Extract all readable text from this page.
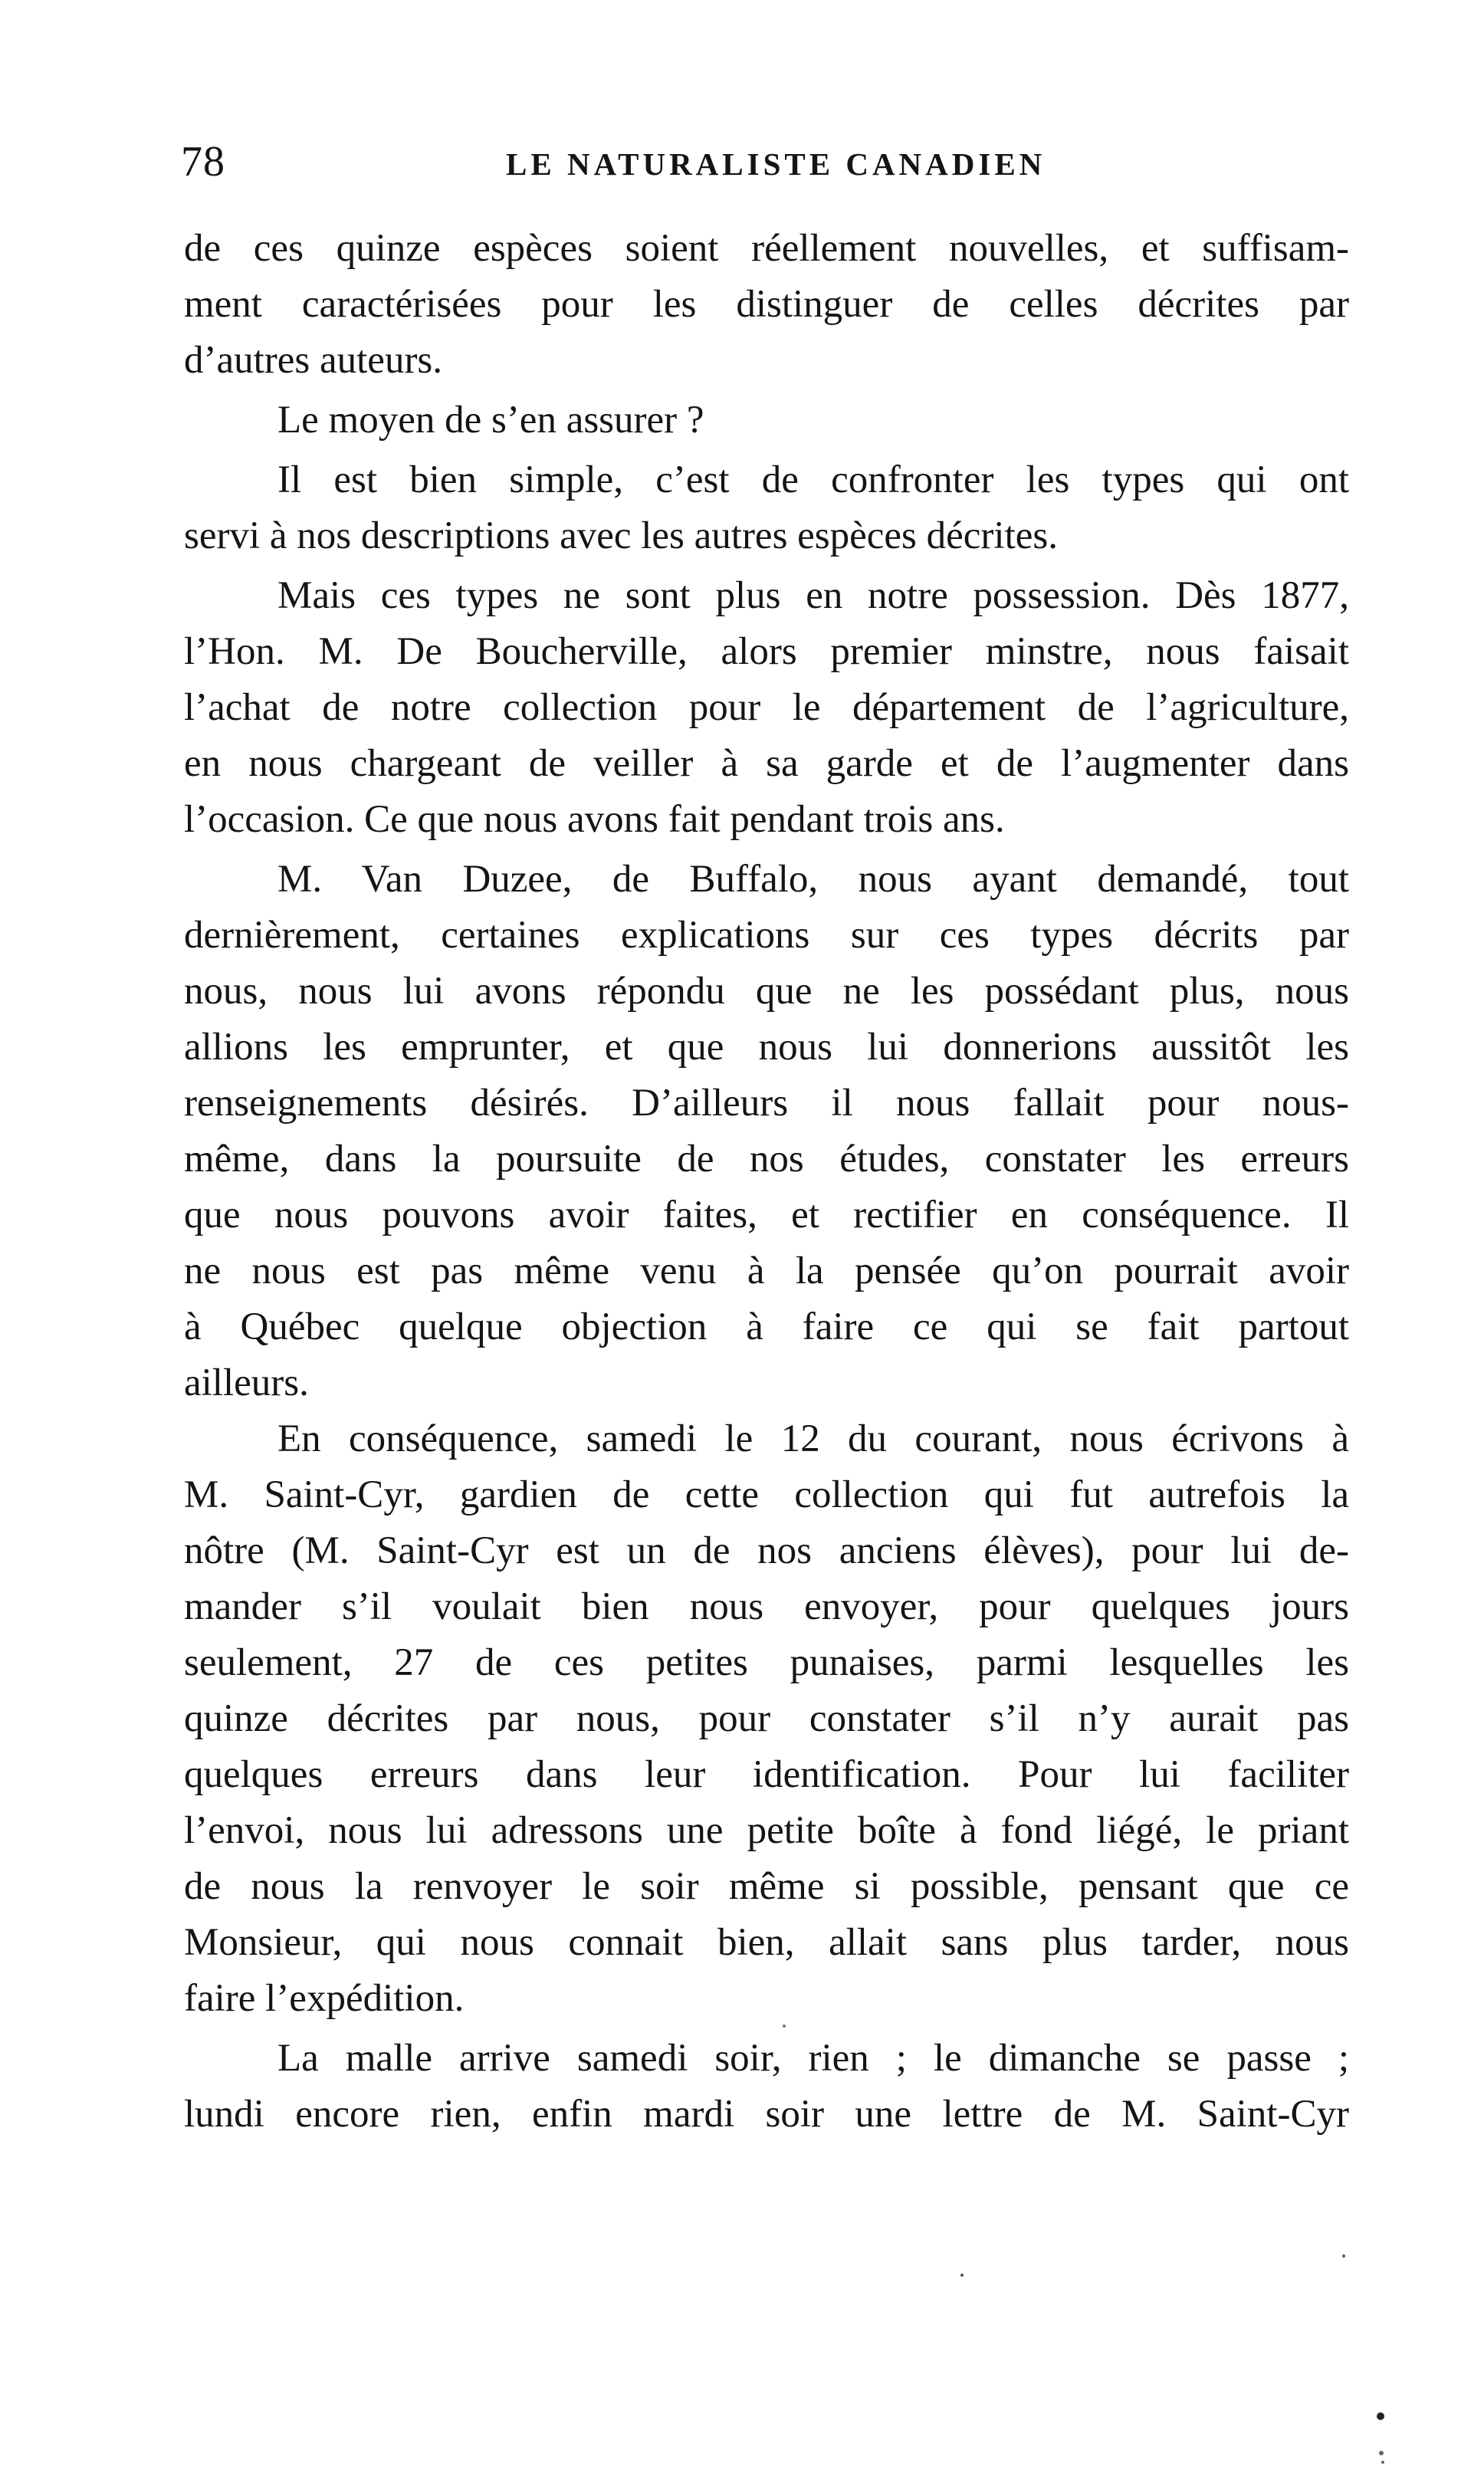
78	LE NATURALISTE CANADIEN
de ces quinze espèces soient réellement nouvelles, et suffisam-
ment caractérisées pour les distinguer de celles décrites par
d’autres auteurs.
Le moyen de s’en assurer ?
Il est bien simple, c’est de confronter les types qui ont
servi à nos descriptions avec les autres espèces décrites.
Mais ces types ne sont plus en notre possession. Dès 1877,
l’Hon. M. De Boucherville, alors premier minstre, nous faisait
l’achat de notre collection pour le département de l’agriculture,
en nous chargeant de veiller à sa garde et de l’augmenter dans
l’occasion. Ce que nous avons fait pendant trois ans.
M. Van Duzee, de Buffalo, nous ayant demandé, tout
dernièrement, certaines explications sur ces types décrits par
nous, nous lui avons répondu que ne les possédant plus, nous
allions les emprunter, et que nous lui donnerions aussitôt les
renseignements désirés. D’ailleurs il nous fallait pour nous-
même, dans la poursuite de nos études, constater les erreurs
que nous pouvons avoir faites, et rectifier en conséquence. Il
ne nous est pas même venu à la pensée qu’on pourrait avoir
à Québec quelque objection à faire ce qui se fait partout
ailleurs.
En conséquence, samedi le 12 du courant, nous écrivons à
M. Saint-Cyr, gardien de cette collection qui fut autrefois la
nôtre (M. Saint-Cyr est un de nos anciens élèves), pour lui de-
mander s’il voulait bien nous envoyer, pour quelques jours
seulement, 27 de ces petites punaises, parmi lesquelles les
quinze décrites par nous, pour constater s’il n’y aurait pas
quelques erreurs dans leur identification. Pour lui faciliter
l’envoi, nous lui adressons une petite boîte à fond liégé, le priant
de nous la renvoyer le soir même si possible, pensant que ce
Monsieur, qui nous connait bien, allait sans plus tarder, nous
faire l’expédition.
La malle arrive samedi soir, rien ; le dimanche se passe ;
lundi encore rien, enfin mardi soir une lettre de M. Saint-Cyr
